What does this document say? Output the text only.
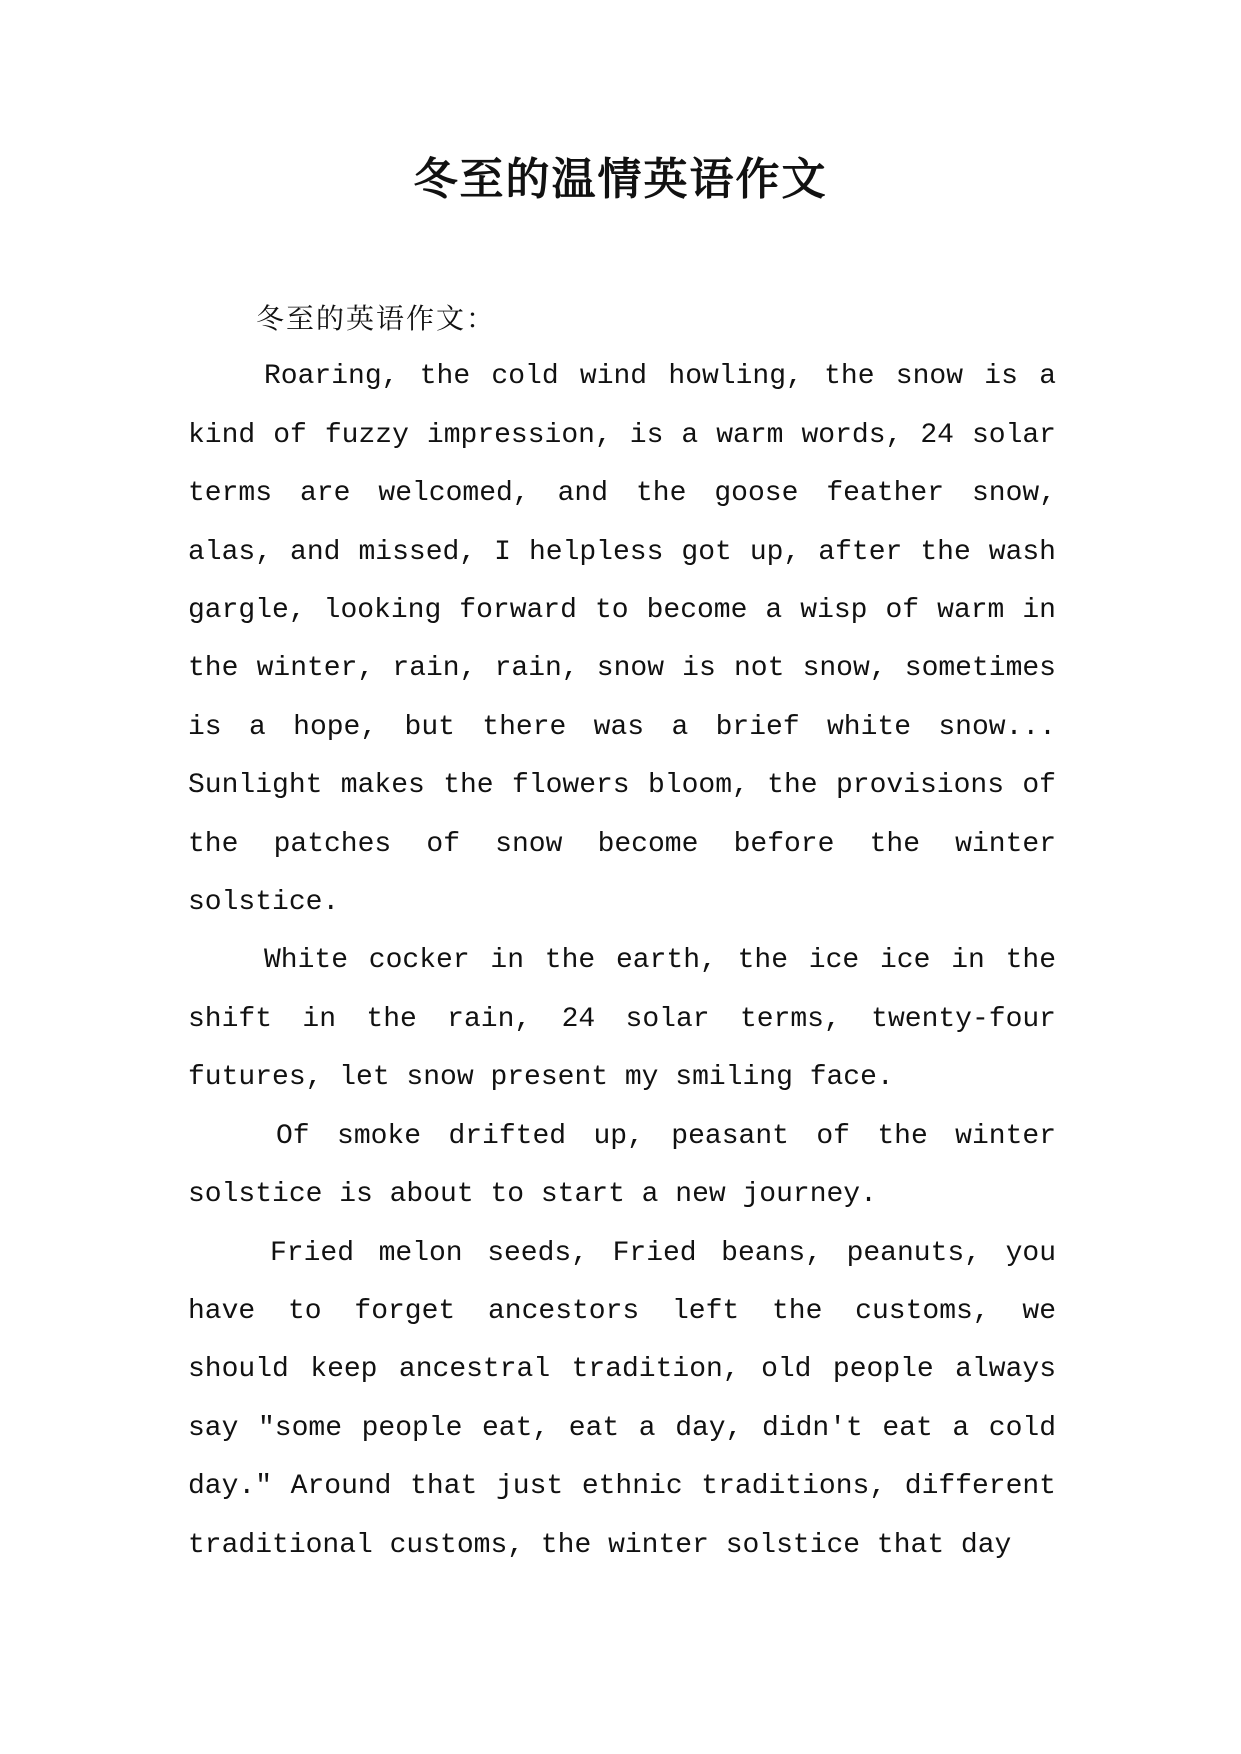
冬至的温情英语作文

冬至的英语作文：

Roaring, the cold wind howling, the snow is a kind of fuzzy impression, is a warm words, 24 solar terms are welcomed, and the goose feather snow, alas, and missed, I helpless got up, after the wash gargle, looking forward to become a wisp of warm in the winter, rain, rain, snow is not snow, sometimes is a hope, but there was a brief white snow... Sunlight makes the flowers bloom, the provisions of the patches of snow become before the winter solstice.

White cocker in the earth, the ice ice in the shift in the rain, 24 solar terms, twenty-four futures, let snow present my smiling face.

Of smoke drifted up, peasant of the winter solstice is about to start a new journey.

Fried melon seeds, Fried beans, peanuts, you have to forget ancestors left the customs, we should keep ancestral tradition, old people always say "some people eat, eat a day, didn't eat a cold day." Around that just ethnic traditions, different traditional customs, the winter solstice that day
